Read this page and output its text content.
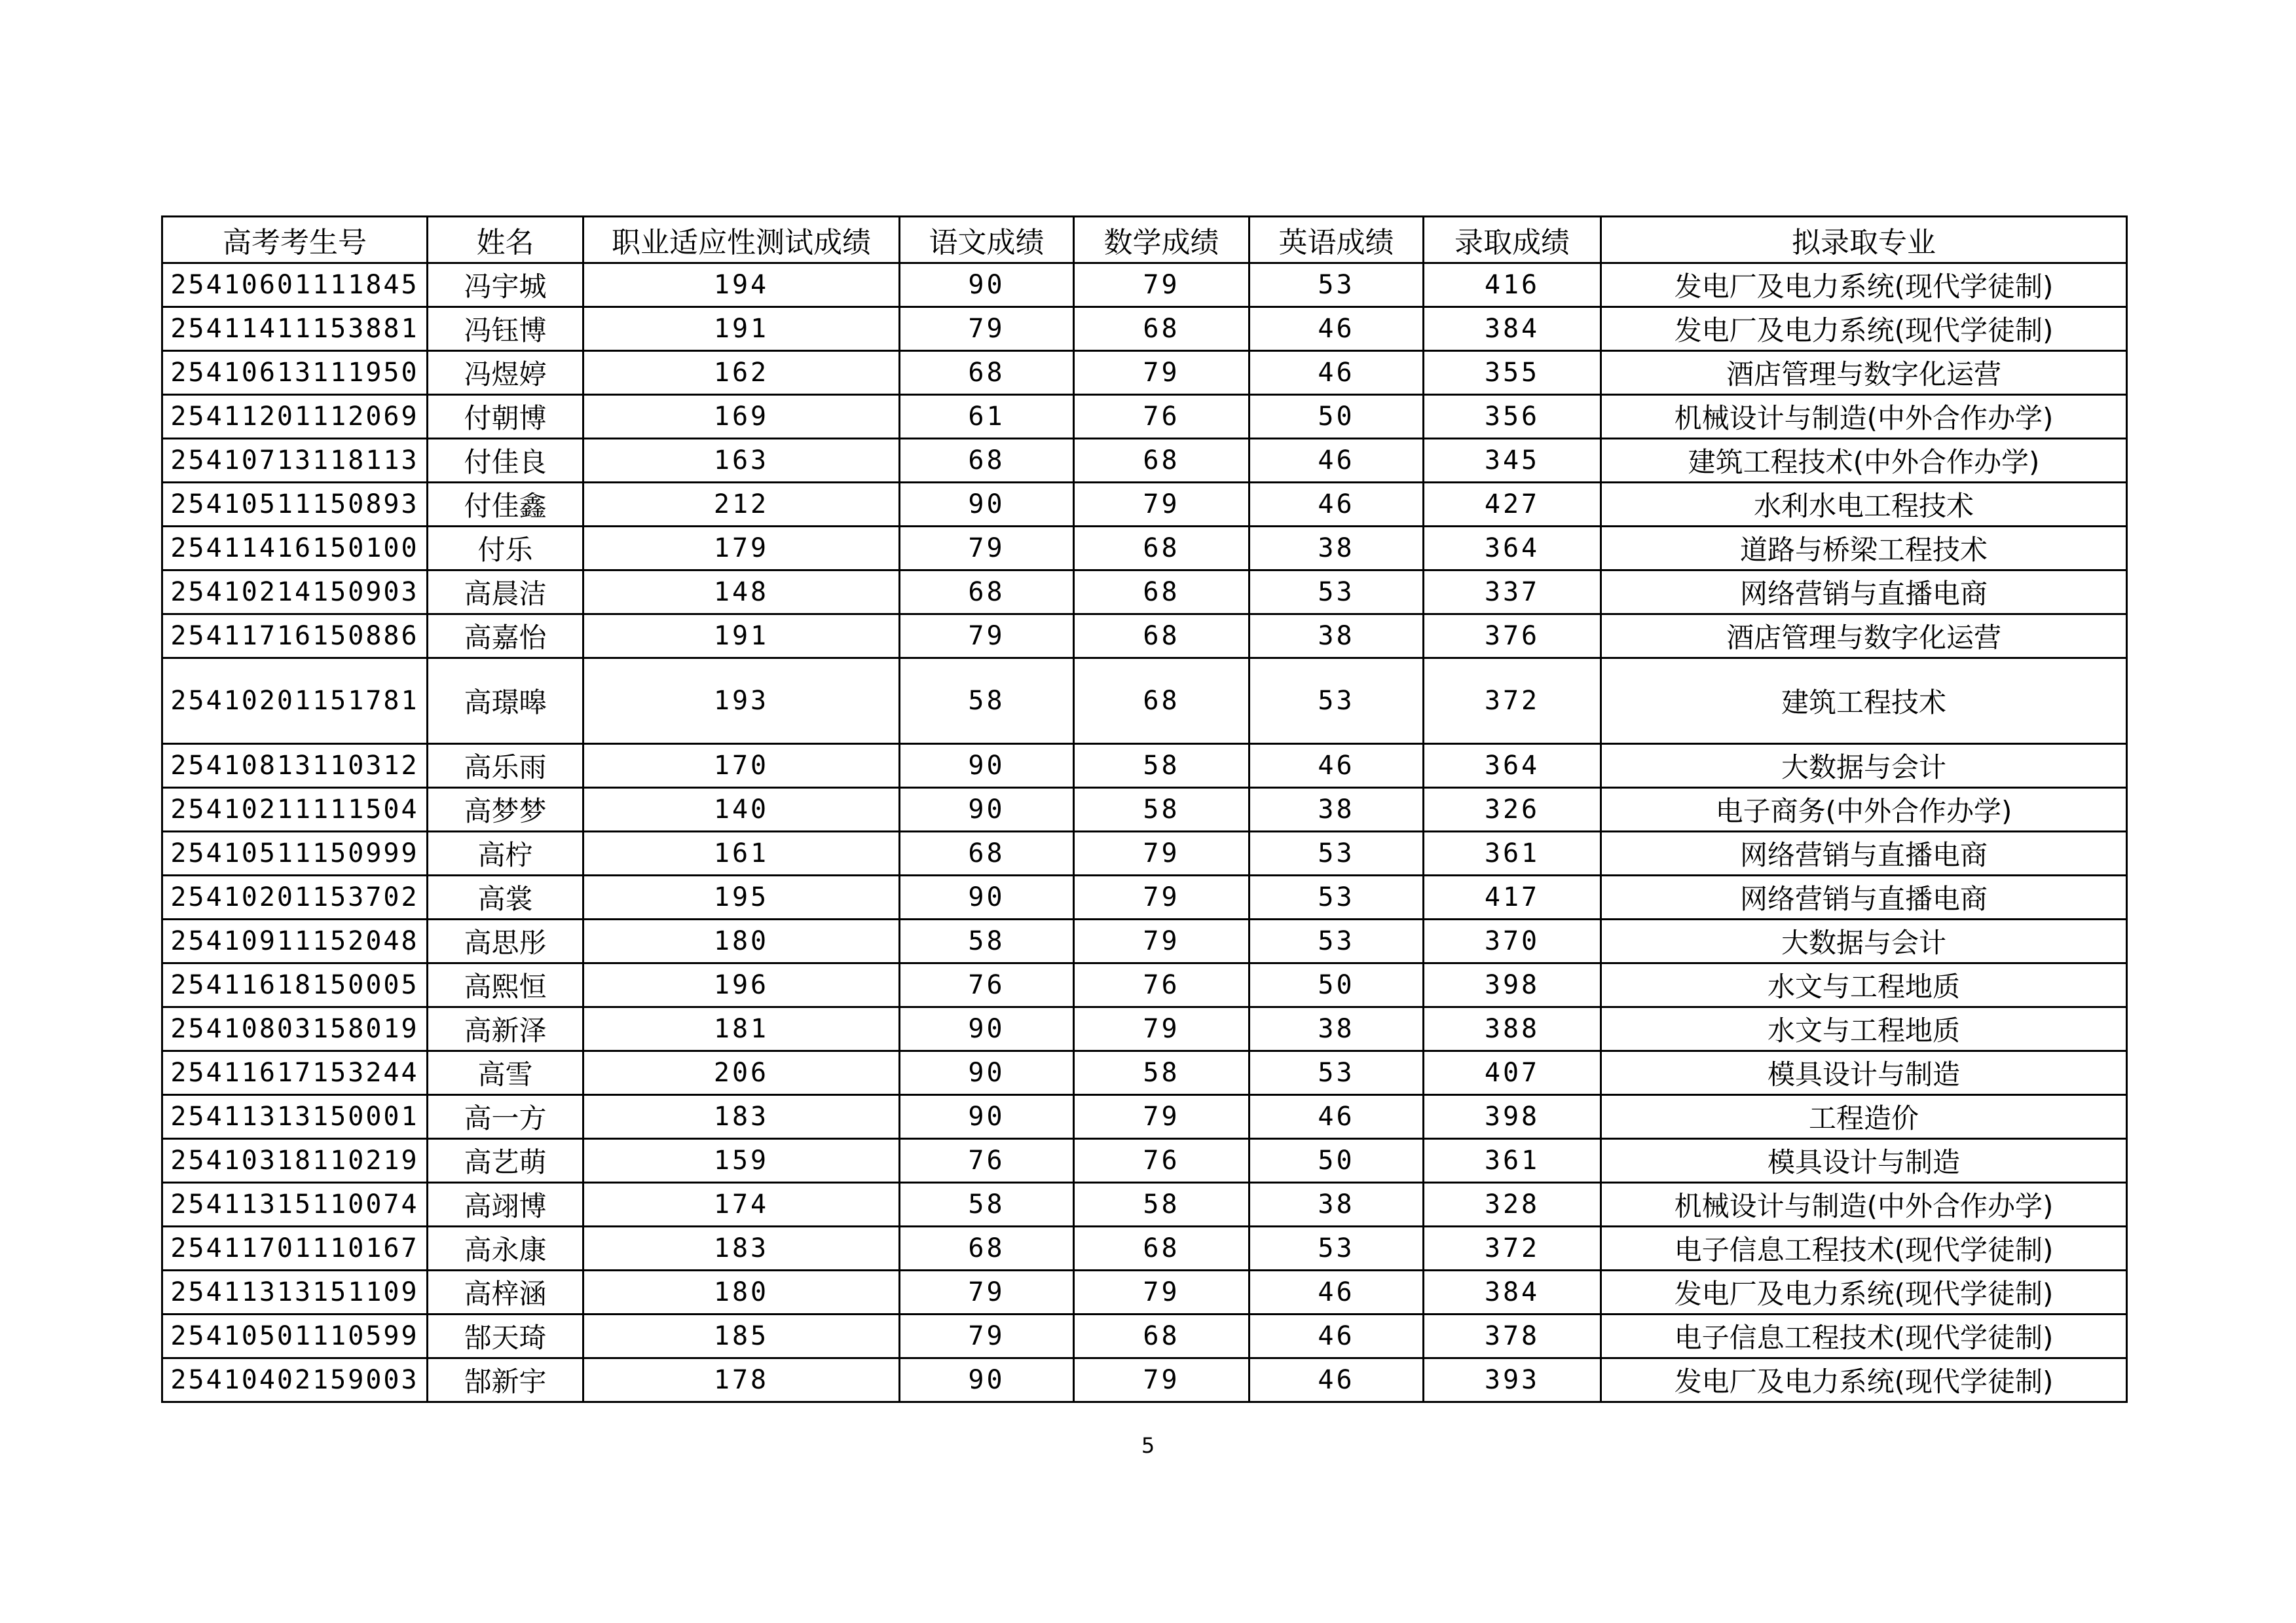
高考考生号	姓名	职业适应性测试成绩	语文成绩	数学成绩	英语成绩	录取成绩	拟录取专业
25410601111845	冯宇城	194	90	79	53	416	发电厂及电力系统(现代学徒制)
25411411153881	冯钰博	191	79	68	46	384	发电厂及电力系统(现代学徒制)
25410613111950	冯煜婷	162	68	79	46	355	酒店管理与数字化运营
25411201112069	付朝博	169	61	76	50	356	机械设计与制造(中外合作办学)
25410713118113	付佳良	163	68	68	46	345	建筑工程技术(中外合作办学)
25410511150893	付佳鑫	212	90	79	46	427	水利水电工程技术
25411416150100	付乐	179	79	68	38	364	道路与桥梁工程技术
25410214150903	高晨洁	148	68	68	53	337	网络营销与直播电商
25411716150886	高嘉怡	191	79	68	38	376	酒店管理与数字化运营
25410201151781	高璟暤	193	58	68	53	372	建筑工程技术
25410813110312	高乐雨	170	90	58	46	364	大数据与会计
25410211111504	高梦梦	140	90	58	38	326	电子商务(中外合作办学)
25410511150999	高柠	161	68	79	53	361	网络营销与直播电商
25410201153702	高裳	195	90	79	53	417	网络营销与直播电商
25410911152048	高思彤	180	58	79	53	370	大数据与会计
25411618150005	高熙恒	196	76	76	50	398	水文与工程地质
25410803158019	高新泽	181	90	79	38	388	水文与工程地质
25411617153244	高雪	206	90	58	53	407	模具设计与制造
25411313150001	高一方	183	90	79	46	398	工程造价
25410318110219	高艺萌	159	76	76	50	361	模具设计与制造
25411315110074	高翊博	174	58	58	38	328	机械设计与制造(中外合作办学)
25411701110167	高永康	183	68	68	53	372	电子信息工程技术(现代学徒制)
25411313151109	高梓涵	180	79	79	46	384	发电厂及电力系统(现代学徒制)
25410501110599	郜天琦	185	79	68	46	378	电子信息工程技术(现代学徒制)
25410402159003	郜新宇	178	90	79	46	393	发电厂及电力系统(现代学徒制)
5
